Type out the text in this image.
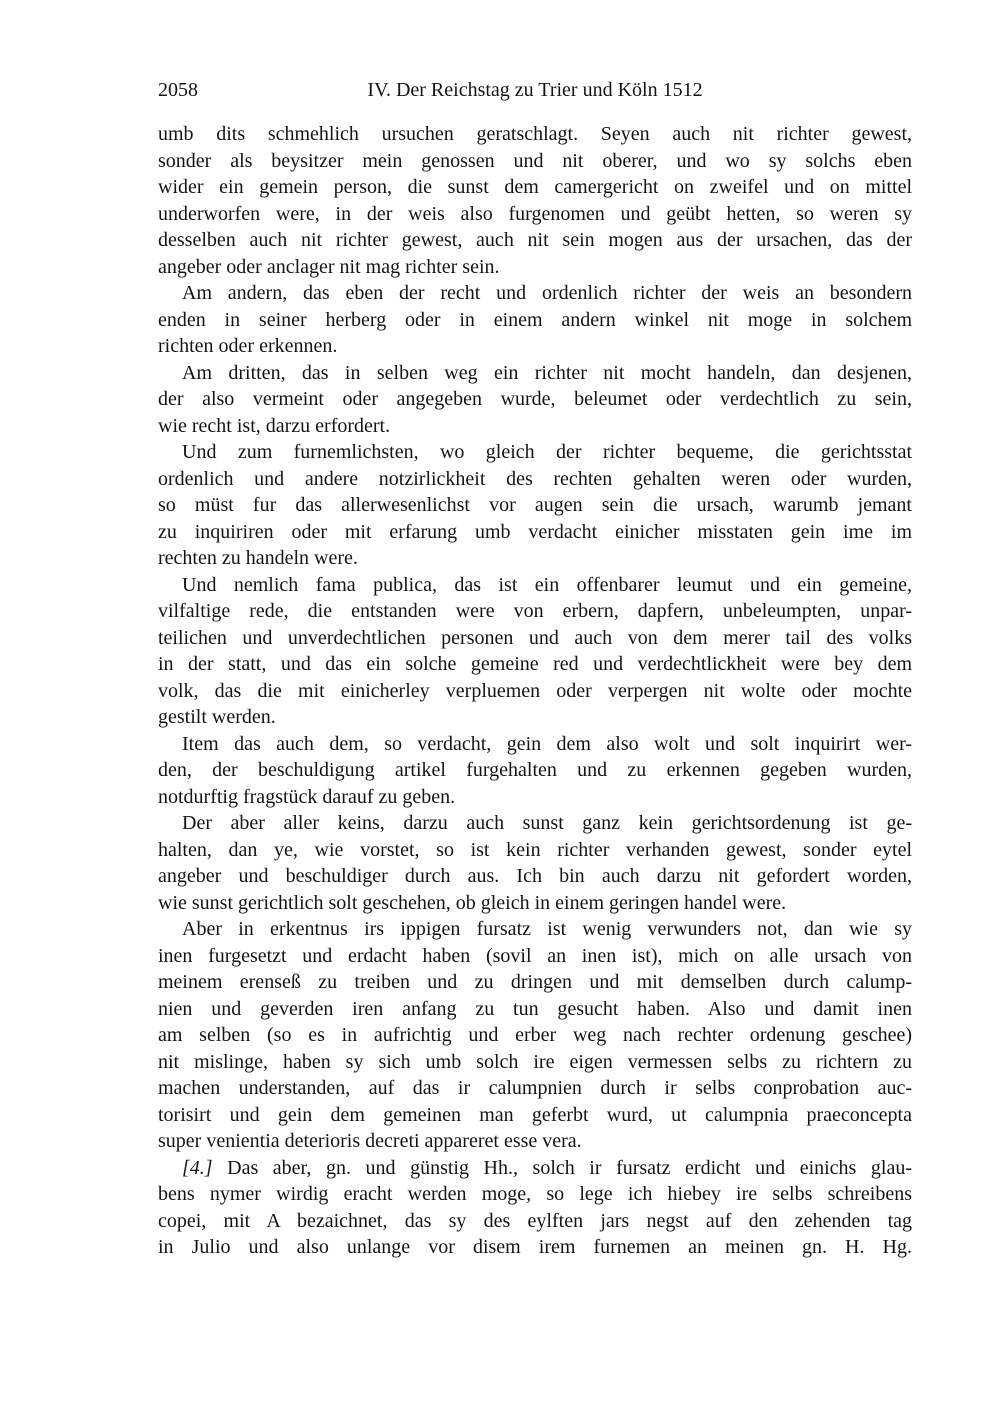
2058	IV. Der Reichstag zu Trier und Köln 1512
umb dits schmehlich ursuchen geratschlagt. Seyen auch nit richter gewest,
sonder als beysitzer mein genossen und nit oberer, und wo sy solchs eben
wider ein gemein person, die sunst dem camergericht on zweifel und on mittel
underworfen were, in der weis also furgenomen und geübt hetten, so weren sy
desselben auch nit richter gewest, auch nit sein mogen aus der ursachen, das der
angeber oder anclager nit mag richter sein.
Am andern, das eben der recht und ordenlich richter der weis an besondern
enden in seiner herberg oder in einem andern winkel nit moge in solchem
richten oder erkennen.
Am dritten, das in selben weg ein richter nit mocht handeln, dan desjenen,
der also vermeint oder angegeben wurde, beleumet oder verdechtlich zu sein,
wie recht ist, darzu erfordert.
Und zum furnemlichsten, wo gleich der richter bequeme, die gerichtsstat
ordenlich und andere notzirlickheit des rechten gehalten weren oder wurden,
so müst fur das allerwesenlichst vor augen sein die ursach, warumb jemant
zu inquiriren oder mit erfarung umb verdacht einicher misstaten gein ime im
rechten zu handeln were.
Und nemlich fama publica, das ist ein offenbarer leumut und ein gemeine,
vilfaltige rede, die entstanden were von erbern, dapfern, unbeleumpten, unpar-
teilichen und unverdechtlichen personen und auch von dem merer tail des volks
in der statt, und das ein solche gemeine red und verdechtlickheit were bey dem
volk, das die mit einicherley verpluemen oder verpergen nit wolte oder mochte
gestilt werden.
Item das auch dem, so verdacht, gein dem also wolt und solt inquirirt wer-
den, der beschuldigung artikel furgehalten und zu erkennen gegeben wurden,
notdurftig fragstück darauf zu geben.
Der aber aller keins, darzu auch sunst ganz kein gerichtsordenung ist ge-
halten, dan ye, wie vorstet, so ist kein richter verhanden gewest, sonder eytel
angeber und beschuldiger durch aus. Ich bin auch darzu nit gefordert worden,
wie sunst gerichtlich solt geschehen, ob gleich in einem geringen handel were.
Aber in erkentnus irs ippigen fursatz ist wenig verwunders not, dan wie sy
inen furgesetzt und erdacht haben (sovil an inen ist), mich on alle ursach von
meinem erenseß zu treiben und zu dringen und mit demselben durch calump-
nien und geverden iren anfang zu tun gesucht haben. Also und damit inen
am selben (so es in aufrichtig und erber weg nach rechter ordenung geschee)
nit mislinge, haben sy sich umb solch ire eigen vermessen selbs zu richtern zu
machen understanden, auf das ir calumpnien durch ir selbs conprobation auc-
torisirt und gein dem gemeinen man geferbt wurd, ut calumpnia praeconcepta
super venientia deterioris decreti appareret esse vera.
[4.] Das aber, gn. und günstig Hh., solch ir fursatz erdicht und einichs glau-
bens nymer wirdig eracht werden moge, so lege ich hiebey ire selbs schreibens
copei, mit A bezaichnet, das sy des eylften jars negst auf den zehenden tag
in Julio und also unlange vor disem irem furnemen an meinen gn. H. Hg.
